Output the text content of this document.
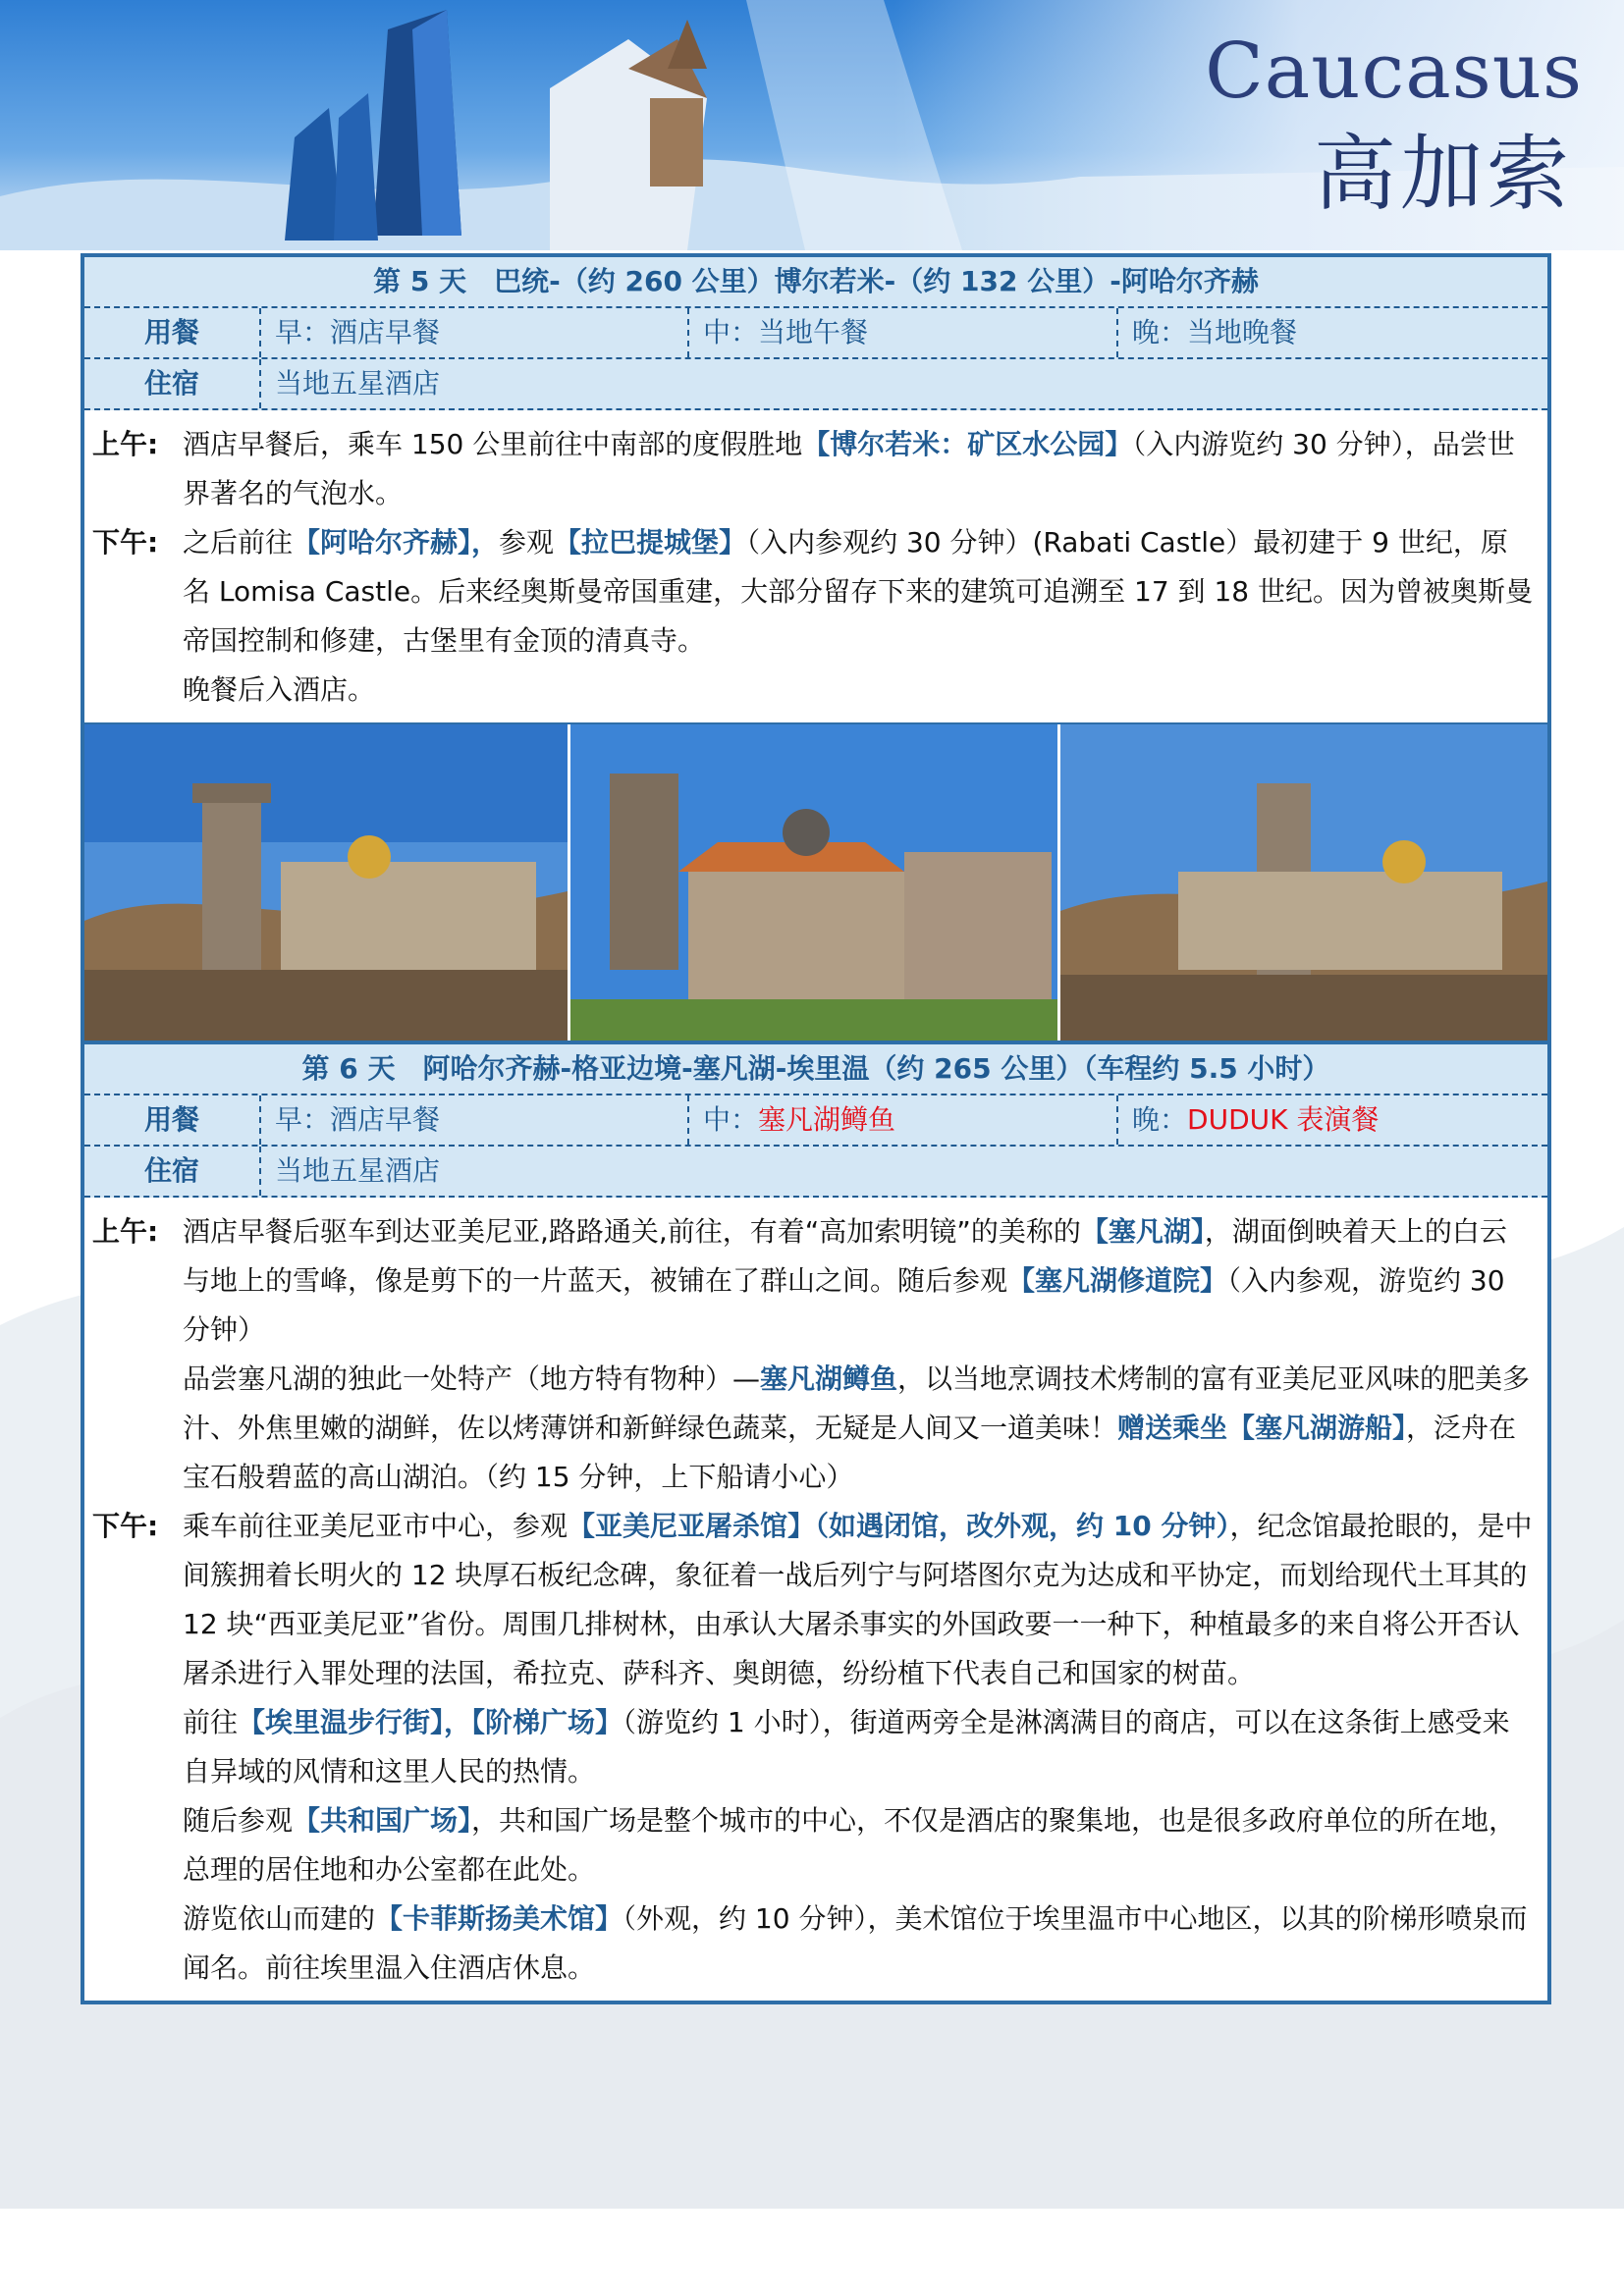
Caucasus
高加索
第 5 天　巴统-（约 260 公里）博尔若米-（约 132 公里）-阿哈尔齐赫
用餐	早：酒店早餐	中：当地午餐	晚：当地晚餐
住宿	当地五星酒店
上午: 酒店早餐后，乘车 150 公里前往中南部的度假胜地【博尔若米：矿区水公园】（入内游览约 30 分钟），品尝世界著名的气泡水。
下午: 之后前往【阿哈尔齐赫】，参观【拉巴提城堡】（入内参观约 30 分钟）(Rabati Castle）最初建于 9 世纪，原名 Lomisa Castle。后来经奥斯曼帝国重建，大部分留存下来的建筑可追溯至 17 到 18 世纪。因为曾被奥斯曼帝国控制和修建，古堡里有金顶的清真寺。
晚餐后入酒店。
第 6 天　阿哈尔齐赫-格亚边境-塞凡湖-埃里温（约 265 公里）（车程约 5.5 小时）
用餐	早：酒店早餐	中：塞凡湖鳟鱼	晚：DUDUK 表演餐
住宿	当地五星酒店
上午: 酒店早餐后驱车到达亚美尼亚,路路通关,前往，有着“高加索明镜”的美称的【塞凡湖】，湖面倒映着天上的白云与地上的雪峰，像是剪下的一片蓝天，被铺在了群山之间。随后参观【塞凡湖修道院】（入内参观，游览约 30 分钟）
品尝塞凡湖的独此一处特产（地方特有物种）—塞凡湖鳟鱼，以当地烹调技术烤制的富有亚美尼亚风味的肥美多汁、外焦里嫩的湖鲜，佐以烤薄饼和新鲜绿色蔬菜，无疑是人间又一道美味！赠送乘坐【塞凡湖游船】，泛舟在宝石般碧蓝的高山湖泊。（约 15 分钟，上下船请小心）
下午: 乘车前往亚美尼亚市中心，参观【亚美尼亚屠杀馆】（如遇闭馆，改外观，约 10 分钟），纪念馆最抢眼的，是中间簇拥着长明火的 12 块厚石板纪念碑，象征着一战后列宁与阿塔图尔克为达成和平协定，而划给现代土耳其的 12 块“西亚美尼亚”省份。周围几排树林，由承认大屠杀事实的外国政要一一种下，种植最多的来自将公开否认屠杀进行入罪处理的法国，希拉克、萨科齐、奥朗德，纷纷植下代表自己和国家的树苗。
前往【埃里温步行街】，【阶梯广场】（游览约 1 小时），街道两旁全是淋漓满目的商店，可以在这条街上感受来自异域的风情和这里人民的热情。
随后参观【共和国广场】，共和国广场是整个城市的中心，不仅是酒店的聚集地，也是很多政府单位的所在地，总理的居住地和办公室都在此处。
游览依山而建的【卡菲斯扬美术馆】（外观，约 10 分钟），美术馆位于埃里温市中心地区，以其的阶梯形喷泉而闻名。前往埃里温入住酒店休息。
